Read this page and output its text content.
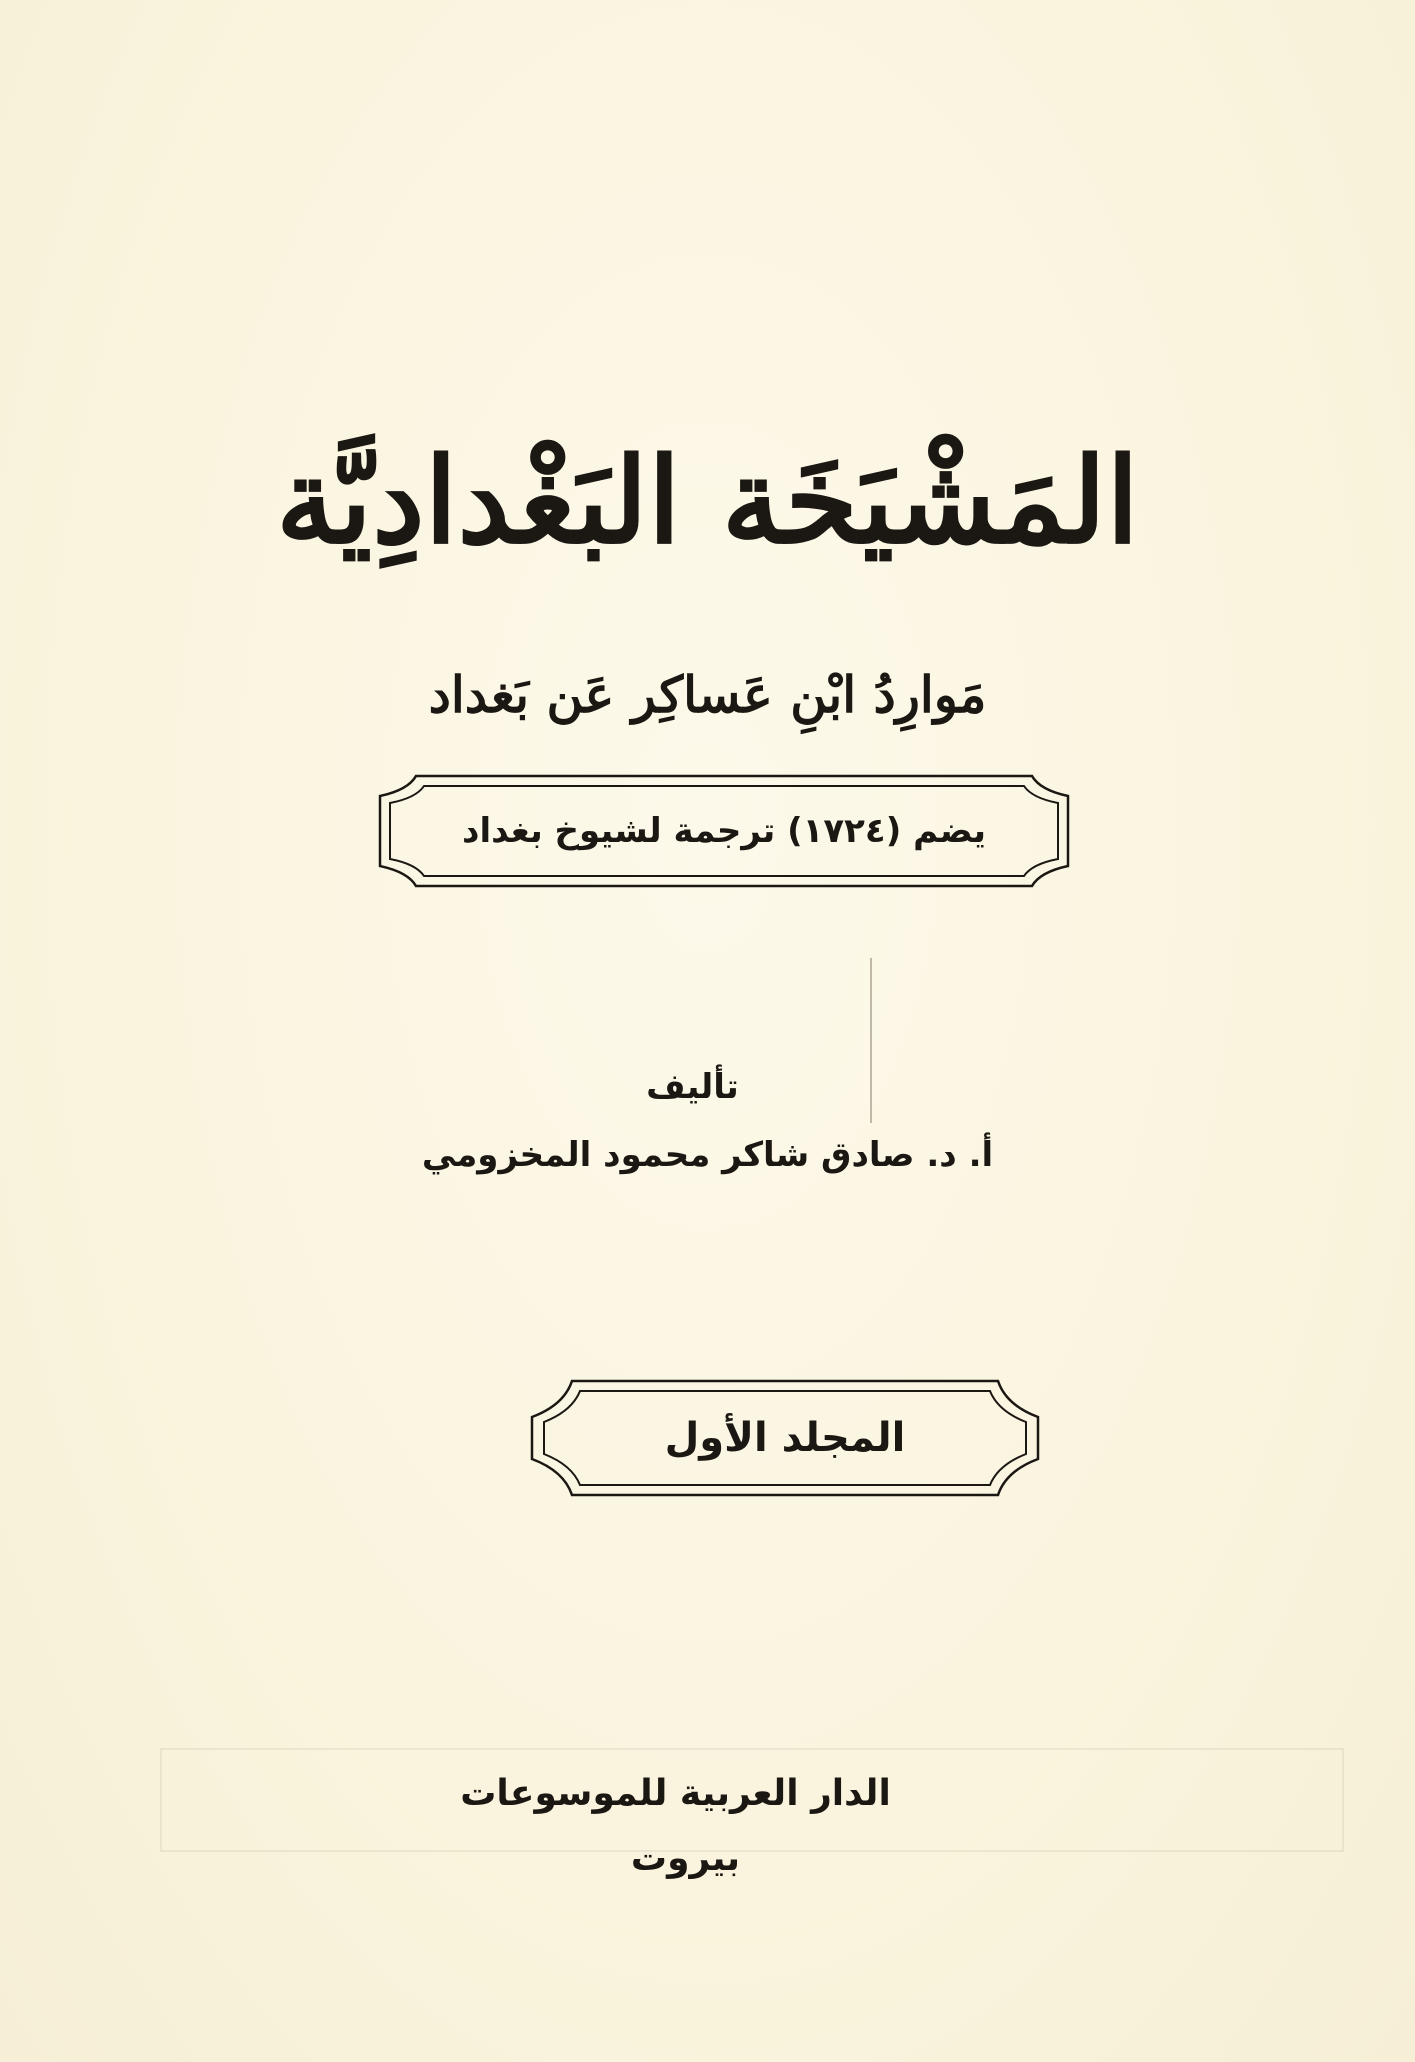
المَشْيَخَة البَغْدادِيَّة
مَوارِدُ ابْنِ عَساكِر عَن بَغداد
يضم (١٧٢٤) ترجمة لشيوخ بغداد
تأليف
أ. د. صادق شاكر محمود المخزومي
المجلد الأول
الدار العربية للموسوعات
بيروت
